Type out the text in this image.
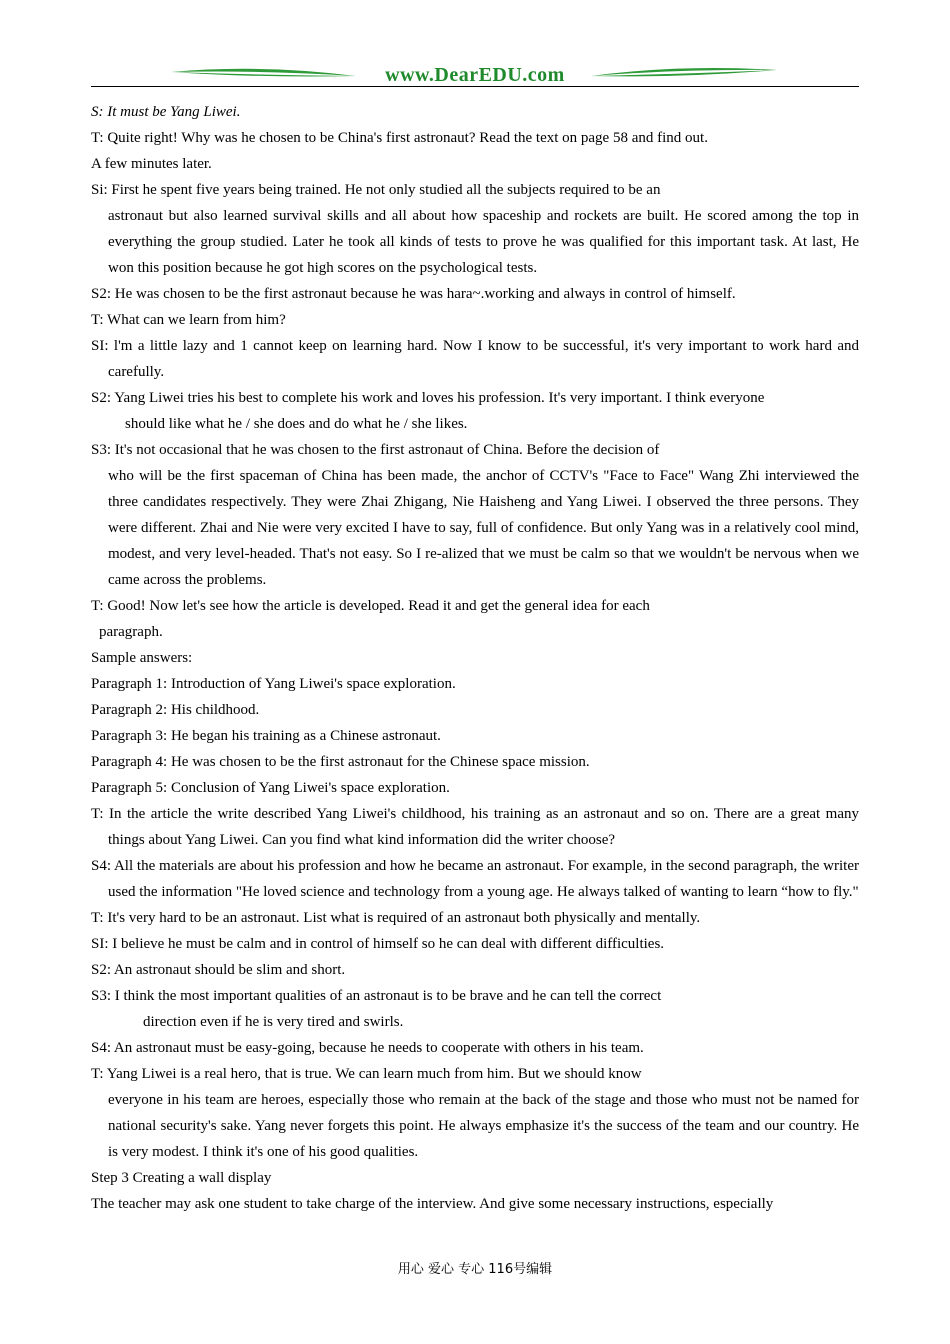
www.DearEDU.com

S: It must be Yang Liwei.

T: Quite right! Why was he chosen to be China's first astronaut? Read the text on page 58 and find out.

A few minutes later.

Si: First he spent five years being trained. He not only studied all the subjects required to be an

astronaut but also learned survival skills and all about how spaceship and rockets are built. He scored among the top in everything the group studied. Later he took all kinds of tests to prove he was qualified for this important task. At last, He won this position because he got high scores on the psychological tests.

S2: He was chosen to be the first astronaut because he was hara~.working and always in control of himself.

T: What can we learn from him?

SI: l'm a little lazy and 1 cannot keep on learning hard. Now I know to be successful, it's very important to work hard and carefully.

S2: Yang Liwei tries his best to complete his work and loves his profession. It's very important. I think everyone

should like what he / she does and do what he / she likes.

S3: It's not occasional that he was chosen to the first astronaut of China. Before the decision of

who will be the first spaceman of China has been made, the anchor of CCTV's "Face to Face" Wang Zhi interviewed the three candidates respectively. They were Zhai Zhigang, Nie Haisheng and Yang Liwei. I observed the three persons. They were different. Zhai and Nie were very excited I have to say, full of confidence. But only Yang was in a relatively cool mind, modest, and very level-headed. That's not easy. So I re-alized that we must be calm so that we wouldn't be nervous when we came across the problems.

T: Good! Now let's see how the article is developed. Read it and get the general idea for each

paragraph.

Sample answers:

Paragraph 1: Introduction of Yang Liwei's space exploration.

Paragraph 2: His childhood.

Paragraph 3: He began his training as a Chinese astronaut.

Paragraph 4: He was chosen to be the first astronaut for the Chinese space mission.

Paragraph 5: Conclusion of Yang Liwei's space exploration.

T: In the article the write described Yang Liwei's childhood, his training as an astronaut and so on. There are a great many things about Yang Liwei. Can you find what kind information did the writer choose?

S4: All the materials are about his profession and how he became an astronaut. For example, in the second paragraph, the writer used the information "He loved science and technology from a young age. He always talked of wanting to learn “how to fly."

T: It's very hard to be an astronaut. List what is required of an astronaut both physically and mentally.

SI: I believe he must be calm and in control of himself so he can deal with different difficulties.

S2: An astronaut should be slim and short.

S3: I think the most important qualities of an astronaut is to be brave and he can tell the correct

direction even if he is very tired and swirls.

S4: An astronaut must be easy-going, because he needs to cooperate with others in his team.

T: Yang Liwei is a real hero, that is true. We can learn much from him. But we should know

everyone in his team are heroes, especially those who remain at the back of the stage and those who must not be named for national security's sake. Yang never forgets this point. He always emphasize it's the success of the team and our country. He is very modest. I think it's one of his good qualities.

Step 3 Creating a wall display

The teacher may ask one student to take charge of the interview. And give some necessary instructions, especially

用心 爱心 专心 116号编辑
